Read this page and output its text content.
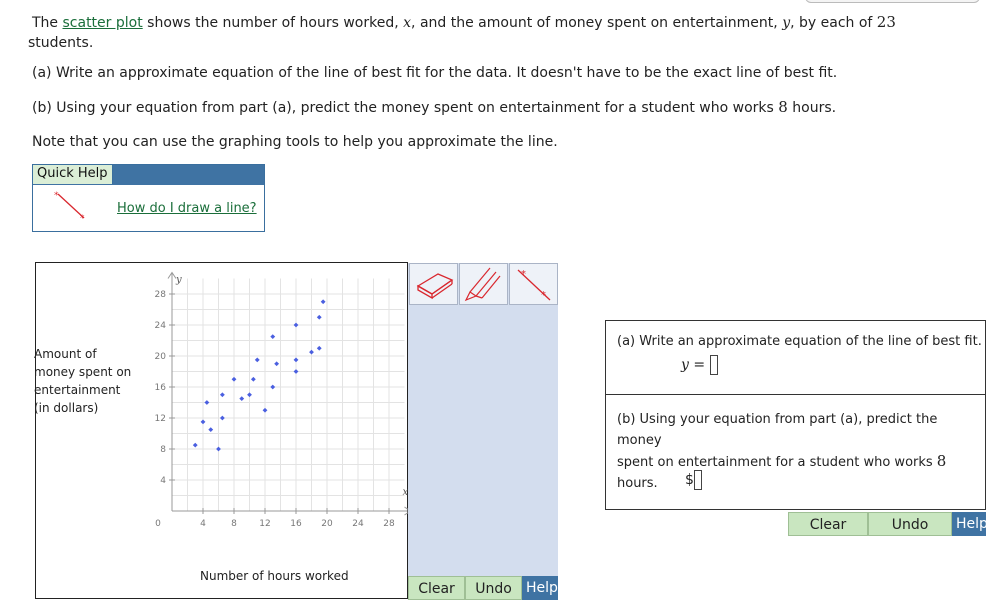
The scatter plot shows the number of hours worked, x, and the amount of money spent on entertainment, y, by each of 23
students.

(a) Write an approximate equation of the line of best fit for the data. It doesn't have to be the exact line of best fit.

(b) Using your equation from part (a), predict the money spent on entertainment for a student who works 8 hours.

Note that you can use the graphing tools to help you approximate the line.

Quick Help
*
*
How do I draw a line?
4	8 12 16 20 24 28
4
8
12
16
20
24
28
0
x
y
Amount of money spent on entertainment (in dollars)
Number of hours worked
*
*
Clear	Undo	Help
(a) Write an approximate equation of the line of best fit.
y =
(b) Using your equation from part (a), predict the money
spent on entertainment for a student who works 8 hours.	$
Clear	Undo	Help
